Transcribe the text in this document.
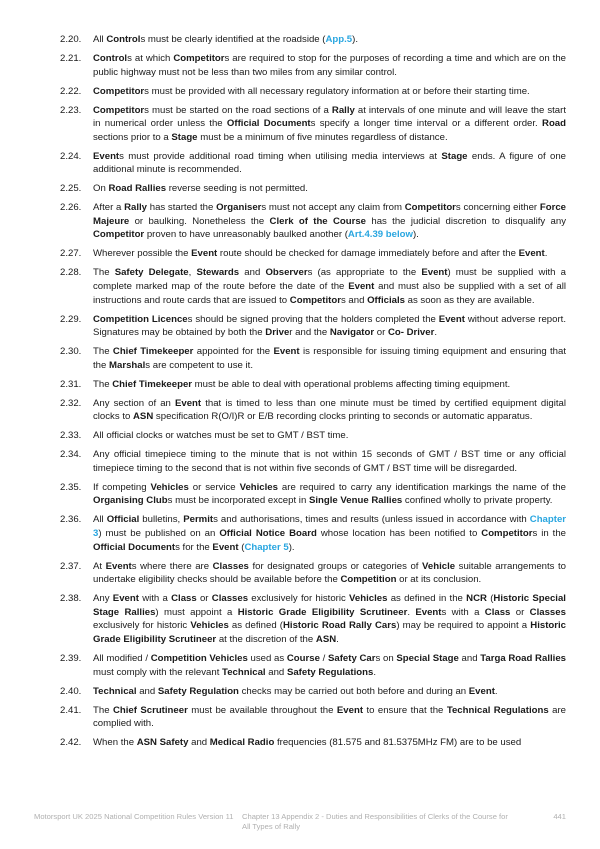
2.20.	All Controls must be clearly identified at the roadside (App.5).
2.21.	Controls at which Competitors are required to stop for the purposes of recording a time and which are on the public highway must not be less than two miles from any similar control.
2.22.	Competitors must be provided with all necessary regulatory information at or before their starting time.
2.23.	Competitors must be started on the road sections of a Rally at intervals of one minute and will leave the start in numerical order unless the Official Documents specify a longer time interval or a different order. Road sections prior to a Stage must be a minimum of five minutes regardless of distance.
2.24.	Events must provide additional road timing when utilising media interviews at Stage ends. A figure of one additional minute is recommended.
2.25.	On Road Rallies reverse seeding is not permitted.
2.26.	After a Rally has started the Organisers must not accept any claim from Competitors concerning either Force Majeure or baulking. Nonetheless the Clerk of the Course has the judicial discretion to disqualify any Competitor proven to have unreasonably baulked another (Art.4.39 below).
2.27.	Wherever possible the Event route should be checked for damage immediately before and after the Event.
2.28.	The Safety Delegate, Stewards and Observers (as appropriate to the Event) must be supplied with a complete marked map of the route before the date of the Event and must also be supplied with a set of all instructions and route cards that are issued to Competitors and Officials as soon as they are available.
2.29.	Competition Licences should be signed proving that the holders completed the Event without adverse report. Signatures may be obtained by both the Driver and the Navigator or Co- Driver.
2.30.	The Chief Timekeeper appointed for the Event is responsible for issuing timing equipment and ensuring that the Marshals are competent to use it.
2.31.	The Chief Timekeeper must be able to deal with operational problems affecting timing equipment.
2.32.	Any section of an Event that is timed to less than one minute must be timed by certified equipment digital clocks to ASN specification R(O/I)R or E/B recording clocks printing to seconds or automatic apparatus.
2.33.	All official clocks or watches must be set to GMT / BST time.
2.34.	Any official timepiece timing to the minute that is not within 15 seconds of GMT / BST time or any official timepiece timing to the second that is not within five seconds of GMT / BST time will be disregarded.
2.35.	If competing Vehicles or service Vehicles are required to carry any identification markings the name of the Organising Clubs must be incorporated except in Single Venue Rallies confined wholly to private property.
2.36.	All Official bulletins, Permits and authorisations, times and results (unless issued in accordance with Chapter 3) must be published on an Official Notice Board whose location has been notified to Competitors in the Official Documents for the Event (Chapter 5).
2.37.	At Events where there are Classes for designated groups or categories of Vehicle suitable arrangements to undertake eligibility checks should be available before the Competition or at its conclusion.
2.38.	Any Event with a Class or Classes exclusively for historic Vehicles as defined in the NCR (Historic Special Stage Rallies) must appoint a Historic Grade Eligibility Scrutineer. Events with a Class or Classes exclusively for historic Vehicles as defined (Historic Road Rally Cars) may be required to appoint a Historic Grade Eligibility Scrutineer at the discretion of the ASN.
2.39.	All modified / Competition Vehicles used as Course / Safety Cars on Special Stage and Targa Road Rallies must comply with the relevant Technical and Safety Regulations.
2.40.	Technical and Safety Regulation checks may be carried out both before and during an Event.
2.41.	The Chief Scrutineer must be available throughout the Event to ensure that the Technical Regulations are complied with.
2.42.	When the ASN Safety and Medical Radio frequencies (81.575 and 81.5375MHz FM) are to be used
Motorsport UK 2025 National Competition Rules Version 11 Chapter 13 Appendix 2 - Duties and Responsibilities of Clerks of the Course for All Types of Rally
441
